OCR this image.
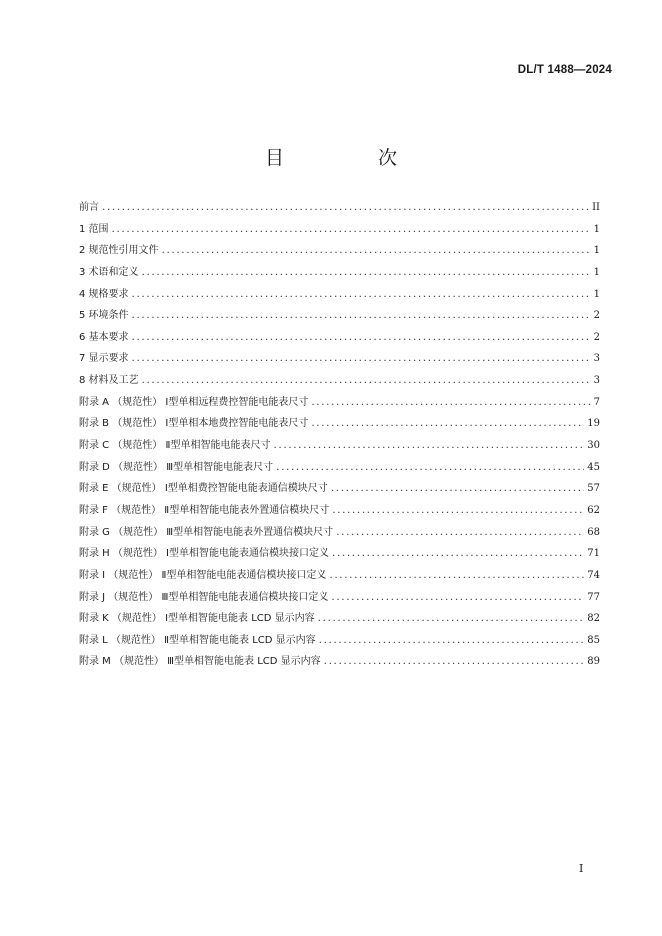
DL/T 1488—2024
目 次
前言 .....	II
1 范围 .....	1
2 规范性引用文件 .....	1
3 术语和定义 .....	1
4 规格要求 .....	1
5 环境条件 .....	2
6 基本要求 .....	2
7 显示要求 .....	3
8 材料及工艺 .....	3
附录 A （规范性） Ⅰ型单相远程费控智能电能表尺寸 .....	7
附录 B （规范性） Ⅰ型单相本地费控智能电能表尺寸 .....	19
附录 C （规范性） Ⅱ型单相智能电能表尺寸 .....	30
附录 D （规范性） Ⅲ型单相智能电能表尺寸 .....	45
附录 E （规范性） Ⅰ型单相费控智能电能表通信模块尺寸 .....	57
附录 F （规范性） Ⅱ型单相智能电能表外置通信模块尺寸 .....	62
附录 G （规范性） Ⅲ型单相智能电能表外置通信模块尺寸 .....	68
附录 H （规范性） Ⅰ型单相智能电能表通信模块接口定义 .....	71
附录 I （规范性） Ⅱ型单相智能电能表通信模块接口定义 .....	74
附录 J （规范性） Ⅲ型单相智能电能表通信模块接口定义 .....	77
附录 K （规范性） Ⅰ型单相智能电能表 LCD 显示内容 .....	82
附录 L （规范性） Ⅱ型单相智能电能表 LCD 显示内容 .....	85
附录 M （规范性） Ⅲ型单相智能电能表 LCD 显示内容 .....	89
I
